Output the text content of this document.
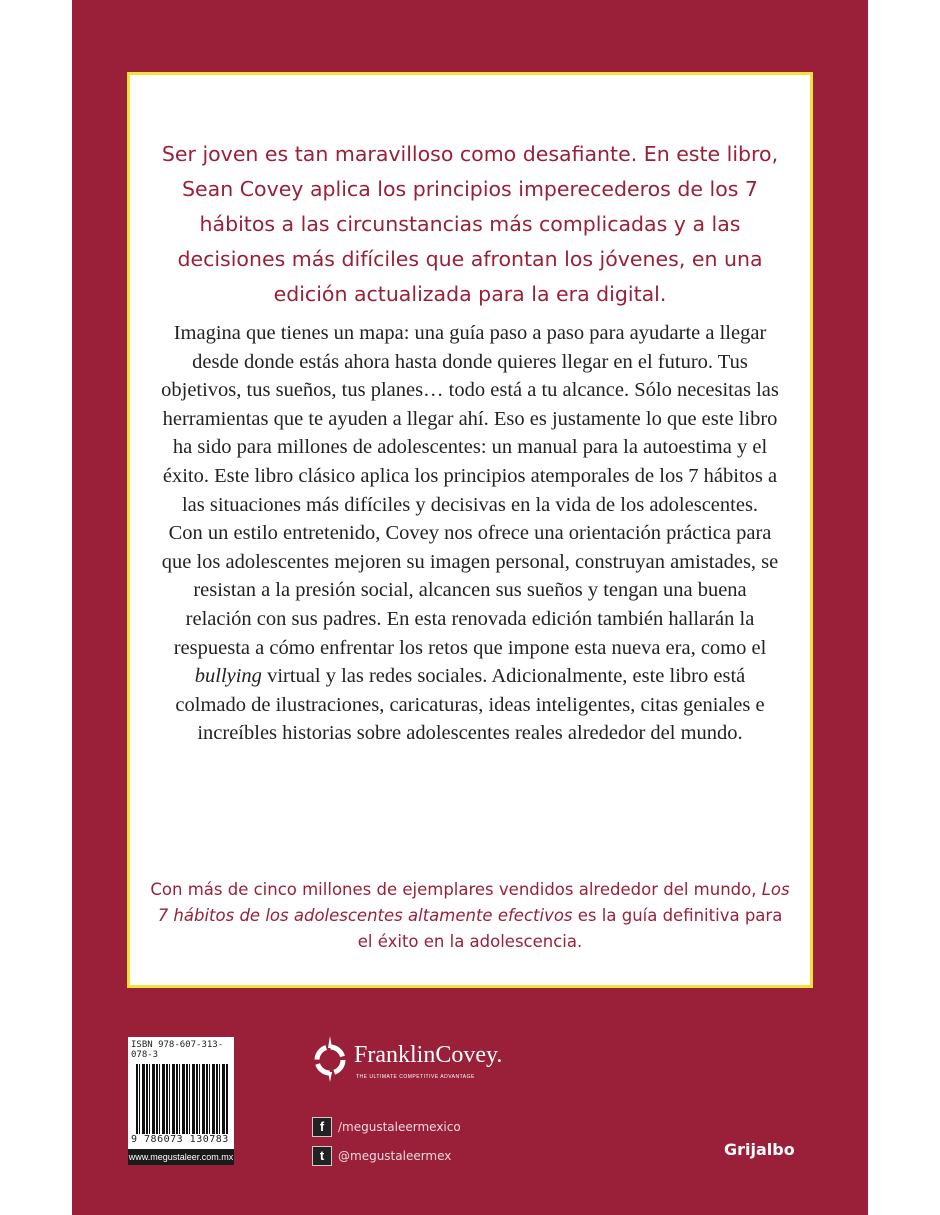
Ser joven es tan maravilloso como desafiante. En este libro, Sean Covey aplica los principios imperecederos de los 7 hábitos a las circunstancias más complicadas y a las decisiones más difíciles que afrontan los jóvenes, en una edición actualizada para la era digital.
Imagina que tienes un mapa: una guía paso a paso para ayudarte a llegar desde donde estás ahora hasta donde quieres llegar en el futuro. Tus objetivos, tus sueños, tus planes… todo está a tu alcance. Sólo necesitas las herramientas que te ayuden a llegar ahí. Eso es justamente lo que este libro ha sido para millones de adolescentes: un manual para la autoestima y el éxito. Este libro clásico aplica los principios atemporales de los 7 hábitos a las situaciones más difíciles y decisivas en la vida de los adolescentes.
Con un estilo entretenido, Covey nos ofrece una orientación práctica para que los adolescentes mejoren su imagen personal, construyan amistades, se resistan a la presión social, alcancen sus sueños y tengan una buena relación con sus padres. En esta renovada edición también hallarán la respuesta a cómo enfrentar los retos que impone esta nueva era, como el bullying virtual y las redes sociales. Adicionalmente, este libro está colmado de ilustraciones, caricaturas, ideas inteligentes, citas geniales e increíbles historias sobre adolescentes reales alrededor del mundo.
Con más de cinco millones de ejemplares vendidos alrededor del mundo, Los 7 hábitos de los adolescentes altamente efectivos es la guía definitiva para el éxito en la adolescencia.
ISBN 978-607-313-078-3
9 786073 130783
www.megustaleer.com.mx
FranklinCovey.
THE ULTIMATE COMPETITIVE ADVANTAGE
f	/megustaleermexico
t	@megustaleermex	Grijalbo
